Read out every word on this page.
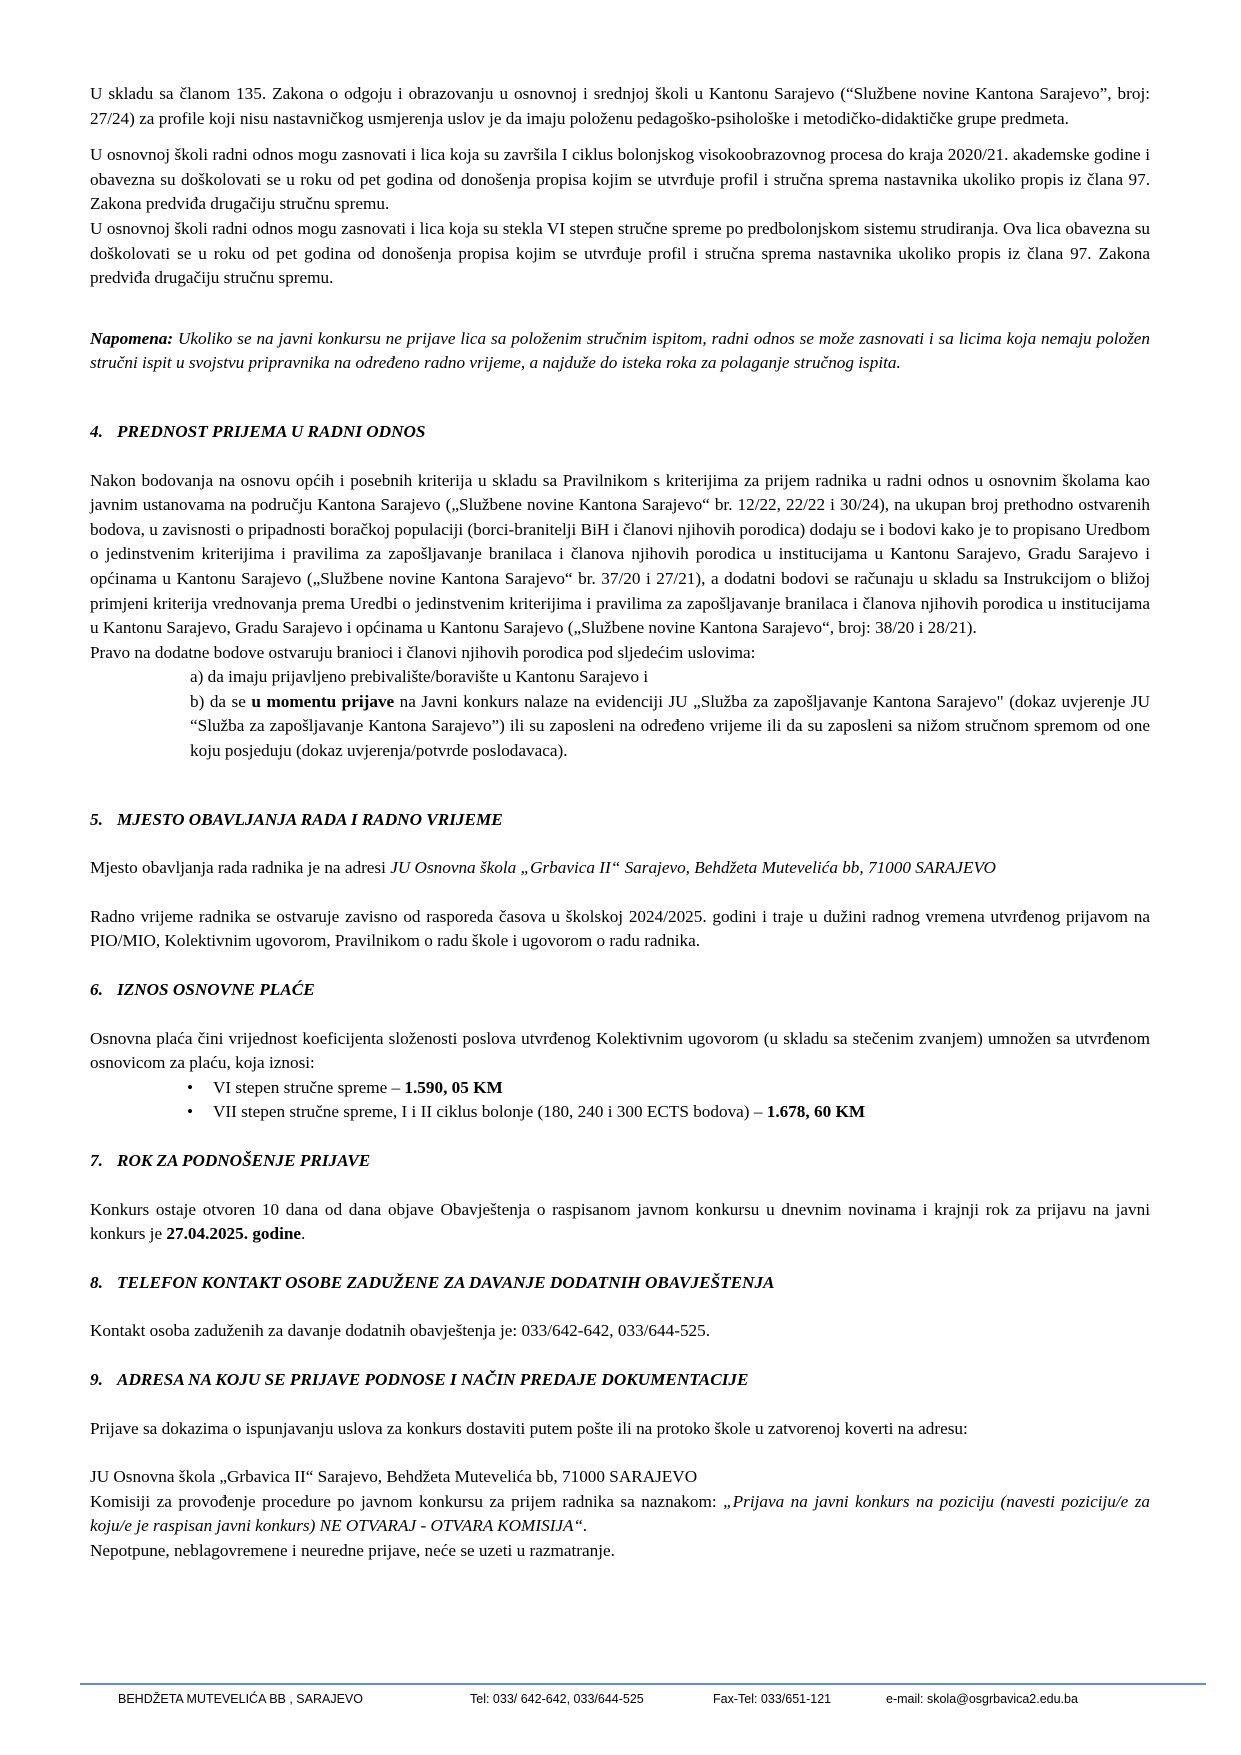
U skladu sa članom 135. Zakona o odgoju i obrazovanju u osnovnoj i srednjoj školi u Kantonu Sarajevo (“Službene novine Kantona Sarajevo”, broj: 27/24) za profile koji nisu nastavničkog usmjerenja uslov je da imaju položenu pedagoško-psihološke i metodičko-didaktičke grupe predmeta.

U osnovnoj školi radni odnos mogu zasnovati i lica koja su završila I ciklus bolonjskog visokoobrazovnog procesa do kraja 2020/21. akademske godine i obavezna su doškolovati se u roku od pet godina od donošenja propisa kojim se utvrđuje profil i stručna sprema nastavnika ukoliko propis iz člana 97. Zakona predviđa drugačiju stručnu spremu.

U osnovnoj školi radni odnos mogu zasnovati i lica koja su stekla VI stepen stručne spreme po predbolonjskom sistemu strudiranja. Ova lica obavezna su doškolovati se u roku od pet godina od donošenja propisa kojim se utvrđuje profil i stručna sprema nastavnika ukoliko propis iz člana 97. Zakona predviđa drugačiju stručnu spremu.

Napomena: Ukoliko se na javni konkursu ne prijave lica sa položenim stručnim ispitom, radni odnos se može zasnovati i sa licima koja nemaju položen stručni ispit u svojstvu pripravnika na određeno radno vrijeme, a najduže do isteka roka za polaganje stručnog ispita.

4. PREDNOST PRIJEMA U RADNI ODNOS

Nakon bodovanja na osnovu općih i posebnih kriterija u skladu sa Pravilnikom s kriterijima za prijem radnika u radni odnos u osnovnim školama kao javnim ustanovama na području Kantona Sarajevo („Službene novine Kantona Sarajevo“ br. 12/22, 22/22 i 30/24), na ukupan broj prethodno ostvarenih bodova, u zavisnosti o pripadnosti boračkoj populaciji (borci-branitelji BiH i članovi njihovih porodica) dodaju se i bodovi kako je to propisano Uredbom o jedinstvenim kriterijima i pravilima za zapošljavanje branilaca i članova njihovih porodica u institucijama u Kantonu Sarajevo, Gradu Sarajevo i općinama u Kantonu Sarajevo („Službene novine Kantona Sarajevo“ br. 37/20 i 27/21), a dodatni bodovi se računaju u skladu sa Instrukcijom o bližoj primjeni kriterija vrednovanja prema Uredbi o jedinstvenim kriterijima i pravilima za zapošljavanje branilaca i članova njihovih porodica u institucijama u Kantonu Sarajevo, Gradu Sarajevo i općinama u Kantonu Sarajevo („Službene novine Kantona Sarajevo“, broj: 38/20 i 28/21).

Pravo na dodatne bodove ostvaruju branioci i članovi njihovih porodica pod sljedećim uslovima:

a) da imaju prijavljeno prebivalište/boravište u Kantonu Sarajevo i

b) da se u momentu prijave na Javni konkurs nalaze na evidenciji JU „Služba za zapošljavanje Kantona Sarajevo" (dokaz uvjerenje JU “Služba za zapošljavanje Kantona Sarajevo”) ili su zaposleni na određeno vrijeme ili da su zaposleni sa nižom stručnom spremom od one koju posjeduju (dokaz uvjerenja/potvrde poslodavaca).

5. MJESTO OBAVLJANJA RADA I RADNO VRIJEME

Mjesto obavljanja rada radnika je na adresi JU Osnovna škola „Grbavica II“ Sarajevo, Behdžeta Mutevelića bb, 71000 SARAJEVO

Radno vrijeme radnika se ostvaruje zavisno od rasporeda časova u školskoj 2024/2025. godini i traje u dužini radnog vremena utvrđenog prijavom na PIO/MIO, Kolektivnim ugovorom, Pravilnikom o radu škole i ugovorom o radu radnika.

6. IZNOS OSNOVNE PLAĆE

Osnovna plaća čini vrijednost koeficijenta složenosti poslova utvrđenog Kolektivnim ugovorom (u skladu sa stečenim zvanjem) umnožen sa utvrđenom osnovicom za plaću, koja iznosi:

• VI stepen stručne spreme – 1.590, 05 KM
• VII stepen stručne spreme, I i II ciklus bolonje (180, 240 i 300 ECTS bodova) – 1.678, 60 KM
7. ROK ZA PODNOŠENJE PRIJAVE

Konkurs ostaje otvoren 10 dana od dana objave Obavještenja o raspisanom javnom konkursu u dnevnim novinama i krajnji rok za prijavu na javni konkurs je 27.04.2025. godine.

8. TELEFON KONTAKT OSOBE ZADUŽENE ZA DAVANJE DODATNIH OBAVJEŠTENJA

Kontakt osoba zaduženih za davanje dodatnih obavještenja je: 033/642-642, 033/644-525.

9. ADRESA NA KOJU SE PRIJAVE PODNOSE I NAČIN PREDAJE DOKUMENTACIJE

Prijave sa dokazima o ispunjavanju uslova za konkurs dostaviti putem pošte ili na protoko škole u zatvorenoj koverti na adresu:

JU Osnovna škola „Grbavica II“ Sarajevo, Behdžeta Mutevelića bb, 71000 SARAJEVO

Komisiji za provođenje procedure po javnom konkursu za prijem radnika sa naznakom: „Prijava na javni konkurs na poziciju (navesti poziciju/e za koju/e je raspisan javni konkurs) NE OTVARAJ - OTVARA KOMISIJA“.

Nepotpune, neblagovremene i neuredne prijave, neće se uzeti u razmatranje.

BEHDŽETA MUTEVELIĆA BB , SARAJEVO	Tel: 033/ 642-642, 033/644-525	Fax-Tel: 033/651-121	e-mail: skola@osgrbavica2.edu.ba
